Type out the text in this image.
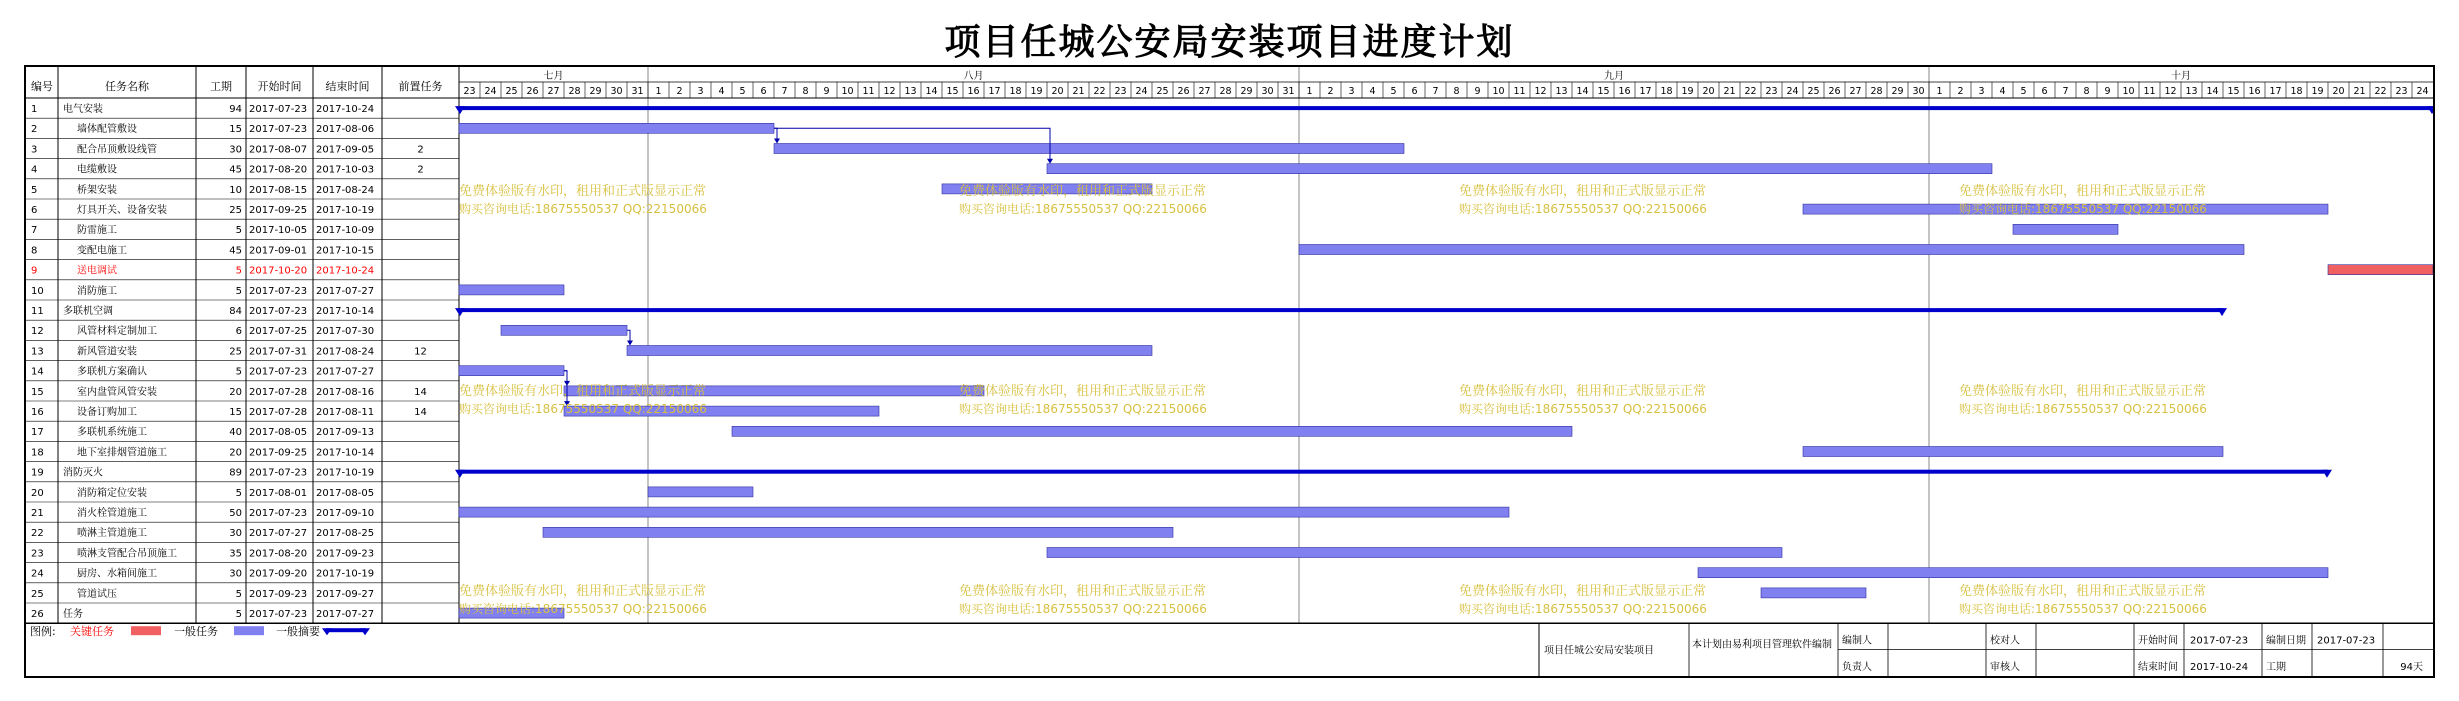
项目任城公安局安装项目进度计划
编号	任务名称	工期 开始时间 结束时间	前置任务
七月
23 24 25 26 27 28 29 30 31
八月
1 2 3 4 5 6 7 8 9 10 11 12 13 14 15 16 17 18 19 20 21 22 23 24 25 26 27 28 29 30 31
九月
1 2 3 4 5 6 7 8 9 10 11 12 13 14 15 16 17 18 19 20 21 22 23 24 25 26 27 28 29 30
十月
1 2 3 4 5 6 7 8 9 10 11 12 13 14 15 16 17 18 19 20 21 22 23 24
1	电气安装	94 2017-07-23 2017-10-24
2	墙体配管敷设	15 2017-07-23 2017-08-06
3	配合吊顶敷设线管	30 2017-08-07 2017-09-05	2
4	电缆敷设	45 2017-08-20 2017-10-03	2
5	桥架安装	10 2017-08-15 2017-08-24
6	灯具开关、设备安装	25 2017-09-25 2017-10-19
7	防雷施工	5 2017-10-05 2017-10-09
8	变配电施工	45 2017-09-01 2017-10-15
9	送电调试	5 2017-10-20 2017-10-24
10	消防施工	5 2017-07-23 2017-07-27
11 多联机空调	84 2017-07-23 2017-10-14
12	风管材料定制加工	6 2017-07-25 2017-07-30
13	新风管道安装	25 2017-07-31 2017-08-24	12
14	多联机方案确认	5 2017-07-23 2017-07-27
15	室内盘管风管安装	20 2017-07-28 2017-08-16	14
16	设备订购加工	15 2017-07-28 2017-08-11	14
17	多联机系统施工	40 2017-08-05 2017-09-13
18	地下室排烟管道施工	20 2017-09-25 2017-10-14
19 消防灭火	89 2017-07-23 2017-10-19
20	消防箱定位安装	5 2017-08-01 2017-08-05
21	消火栓管道施工	50 2017-07-23 2017-09-10
22	喷淋主管道施工	30 2017-07-27 2017-08-25
23	喷淋支管配合吊顶施工	35 2017-08-20 2017-09-23
24	厨房、水箱间施工	30 2017-09-20 2017-10-19
25	管道试压	5 2017-09-23 2017-09-27
26 任务	5 2017-07-23 2017-07-27
免费体验版有水印，租用和正式版显示正常
购买咨询电话:18675550537 QQ:22150066
免费体验版有水印，租用和正式版显示正常
购买咨询电话:18675550537 QQ:22150066
免费体验版有水印，租用和正式版显示正常
购买咨询电话:18675550537 QQ:22150066
免费体验版有水印，租用和正式版显示正常
购买咨询电话:18675550537 QQ:22150066
免费体验版有水印，租用和正式版显示正常
购买咨询电话:18675550537 QQ:22150066
免费体验版有水印，租用和正式版显示正常
购买咨询电话:18675550537 QQ:22150066
免费体验版有水印，租用和正式版显示正常
购买咨询电话:18675550537 QQ:22150066
免费体验版有水印，租用和正式版显示正常
购买咨询电话:18675550537 QQ:22150066
免费体验版有水印，租用和正式版显示正常
购买咨询电话:18675550537 QQ:22150066
免费体验版有水印，租用和正式版显示正常
购买咨询电话:18675550537 QQ:22150066
免费体验版有水印，租用和正式版显示正常
购买咨询电话:18675550537 QQ:22150066
免费体验版有水印，租用和正式版显示正常
购买咨询电话:18675550537 QQ:22150066
图例: 关键任务	一般任务	一般摘要
项目任城公安局安装项目
本计划由易利项目管理软件编制 编制人
负责人
校对人
审核人
开始时间 2017-07-23
结束时间 2017-10-24
编制日期 2017-07-23
工期	94天
